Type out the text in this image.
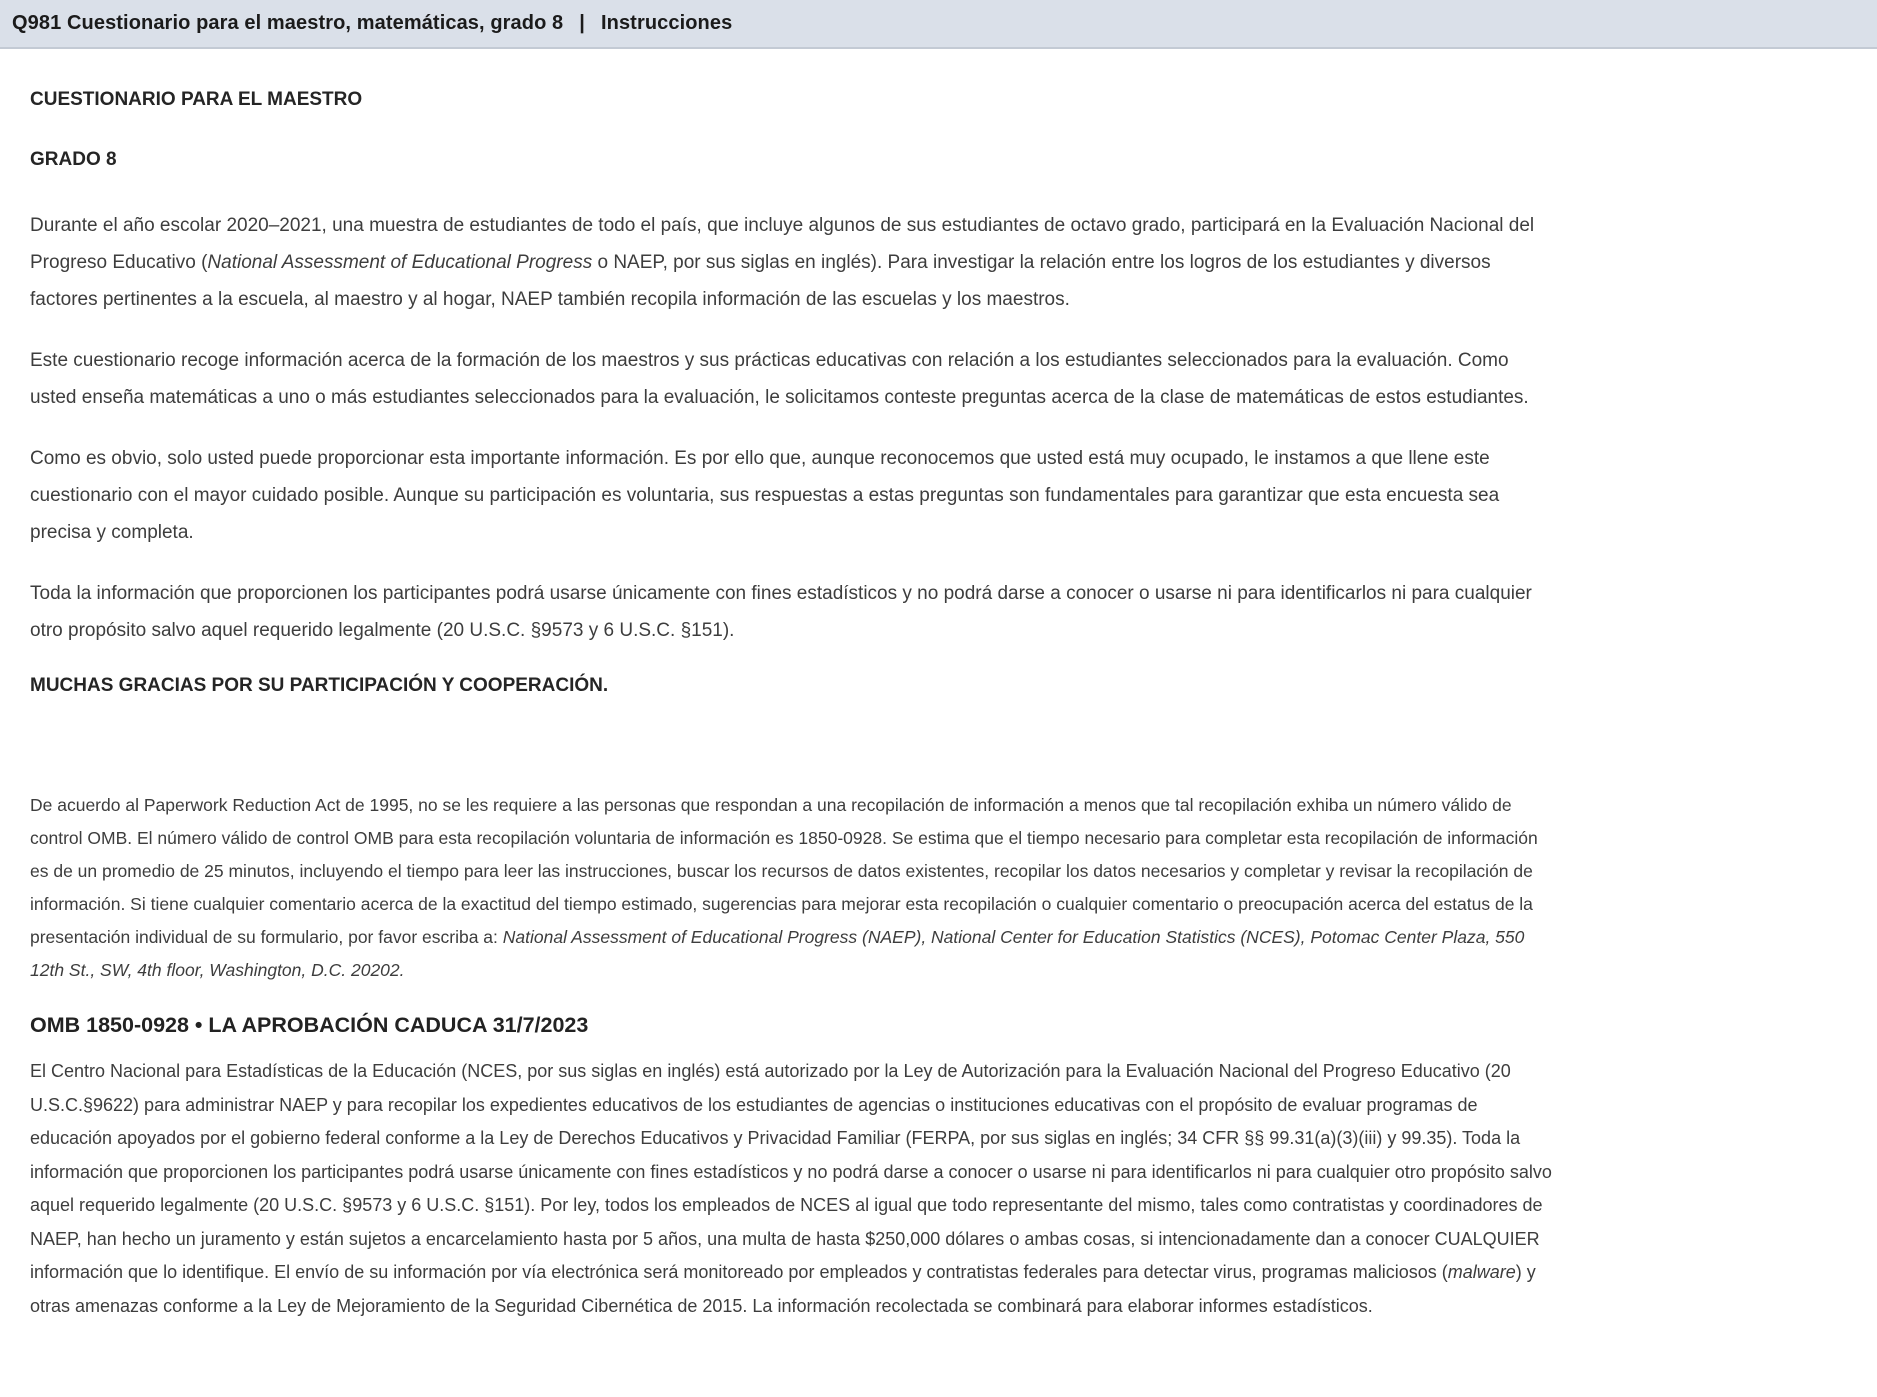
Q981 Cuestionario para el maestro, matemáticas, grado 8 | Instrucciones
CUESTIONARIO PARA EL MAESTRO
GRADO 8

Durante el año escolar 2020–2021, una muestra de estudiantes de todo el país, que incluye algunos de sus estudiantes de octavo grado, participará en la Evaluación Nacional del Progreso Educativo (National Assessment of Educational Progress o NAEP, por sus siglas en inglés). Para investigar la relación entre los logros de los estudiantes y diversos factores pertinentes a la escuela, al maestro y al hogar, NAEP también recopila información de las escuelas y los maestros.

Este cuestionario recoge información acerca de la formación de los maestros y sus prácticas educativas con relación a los estudiantes seleccionados para la evaluación. Como usted enseña matemáticas a uno o más estudiantes seleccionados para la evaluación, le solicitamos conteste preguntas acerca de la clase de matemáticas de estos estudiantes.

Como es obvio, solo usted puede proporcionar esta importante información. Es por ello que, aunque reconocemos que usted está muy ocupado, le instamos a que llene este cuestionario con el mayor cuidado posible. Aunque su participación es voluntaria, sus respuestas a estas preguntas son fundamentales para garantizar que esta encuesta sea precisa y completa.

Toda la información que proporcionen los participantes podrá usarse únicamente con fines estadísticos y no podrá darse a conocer o usarse ni para identificarlos ni para cualquier otro propósito salvo aquel requerido legalmente (20 U.S.C. §9573 y 6 U.S.C. §151).

MUCHAS GRACIAS POR SU PARTICIPACIÓN Y COOPERACIÓN.

De acuerdo al Paperwork Reduction Act de 1995, no se les requiere a las personas que respondan a una recopilación de información a menos que tal recopilación exhiba un número válido de control OMB. El número válido de control OMB para esta recopilación voluntaria de información es 1850-0928. Se estima que el tiempo necesario para completar esta recopilación de información es de un promedio de 25 minutos, incluyendo el tiempo para leer las instrucciones, buscar los recursos de datos existentes, recopilar los datos necesarios y completar y revisar la recopilación de información. Si tiene cualquier comentario acerca de la exactitud del tiempo estimado, sugerencias para mejorar esta recopilación o cualquier comentario o preocupación acerca del estatus de la presentación individual de su formulario, por favor escriba a: National Assessment of Educational Progress (NAEP), National Center for Education Statistics (NCES), Potomac Center Plaza, 550 12th St., SW, 4th floor, Washington, D.C. 20202.

OMB 1850-0928 • LA APROBACIÓN CADUCA 31/7/2023

El Centro Nacional para Estadísticas de la Educación (NCES, por sus siglas en inglés) está autorizado por la Ley de Autorización para la Evaluación Nacional del Progreso Educativo (20 U.S.C.§9622) para administrar NAEP y para recopilar los expedientes educativos de los estudiantes de agencias o instituciones educativas con el propósito de evaluar programas de educación apoyados por el gobierno federal conforme a la Ley de Derechos Educativos y Privacidad Familiar (FERPA, por sus siglas en inglés; 34 CFR §§ 99.31(a)(3)(iii) y 99.35). Toda la información que proporcionen los participantes podrá usarse únicamente con fines estadísticos y no podrá darse a conocer o usarse ni para identificarlos ni para cualquier otro propósito salvo aquel requerido legalmente (20 U.S.C. §9573 y 6 U.S.C. §151). Por ley, todos los empleados de NCES al igual que todo representante del mismo, tales como contratistas y coordinadores de NAEP, han hecho un juramento y están sujetos a encarcelamiento hasta por 5 años, una multa de hasta $250,000 dólares o ambas cosas, si intencionadamente dan a conocer CUALQUIER información que lo identifique. El envío de su información por vía electrónica será monitoreado por empleados y contratistas federales para detectar virus, programas maliciosos (malware) y otras amenazas conforme a la Ley de Mejoramiento de la Seguridad Cibernética de 2015. La información recolectada se combinará para elaborar informes estadísticos.
